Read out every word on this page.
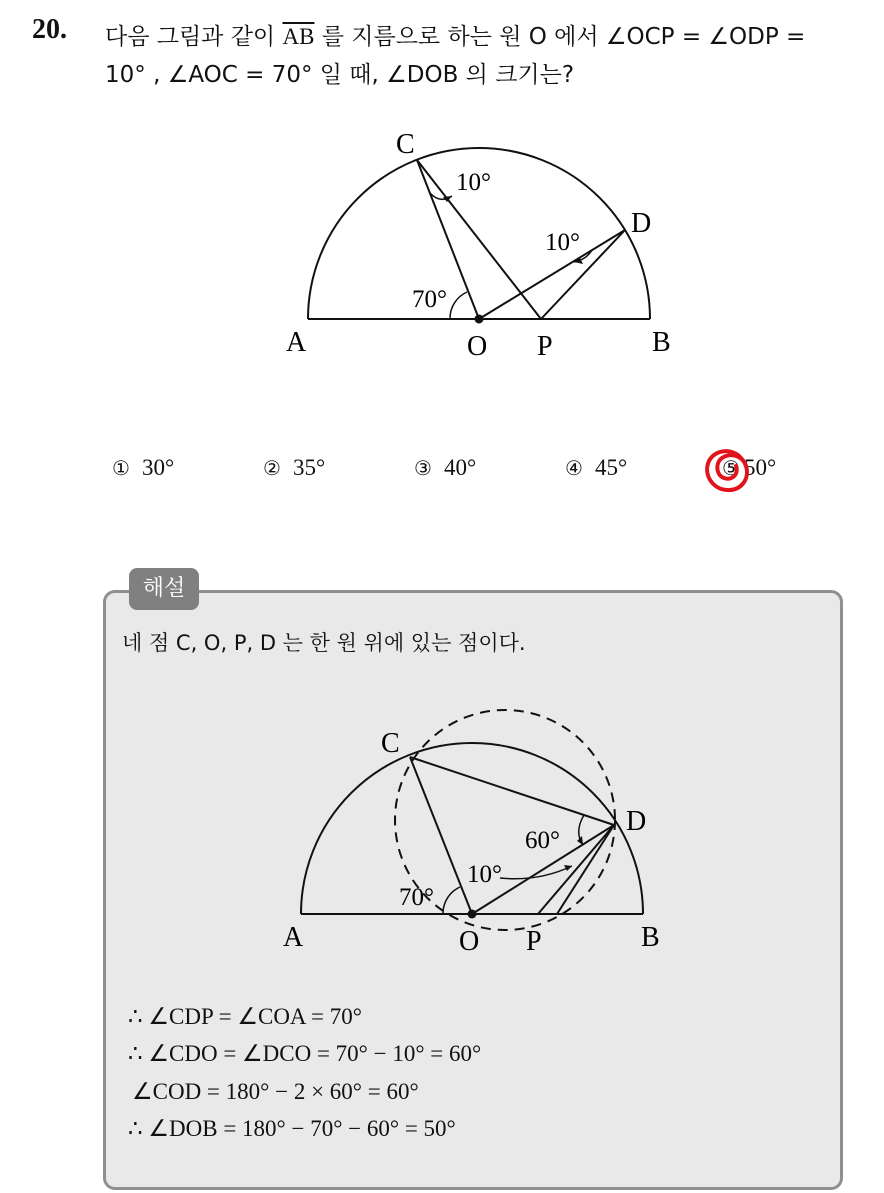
20. 다음 그림과 같이 $\overline{AB}$ 를 지름으로 하는 원 O 에서 ∠OCP = ∠ODP =
10° , ∠AOC = 70° 일 때, ∠DOB 의 크기는?
C
D
A	B
O P
10°
10°
70°
① 30°	② 35°	③ 40°	④ 45°	⑤ 50°
해설
네 점 C, O, P, D 는 한 원 위에 있는 점이다.
C
D
A	B
O P
60°
10°
70°
∴ ∠CDP = ∠COA = 70°
∴ ∠CDO = ∠DCO = 70° − 10° = 60°
∠COD = 180° − 2 × 60° = 60°
∴ ∠DOB = 180° − 70° − 60° = 50°
